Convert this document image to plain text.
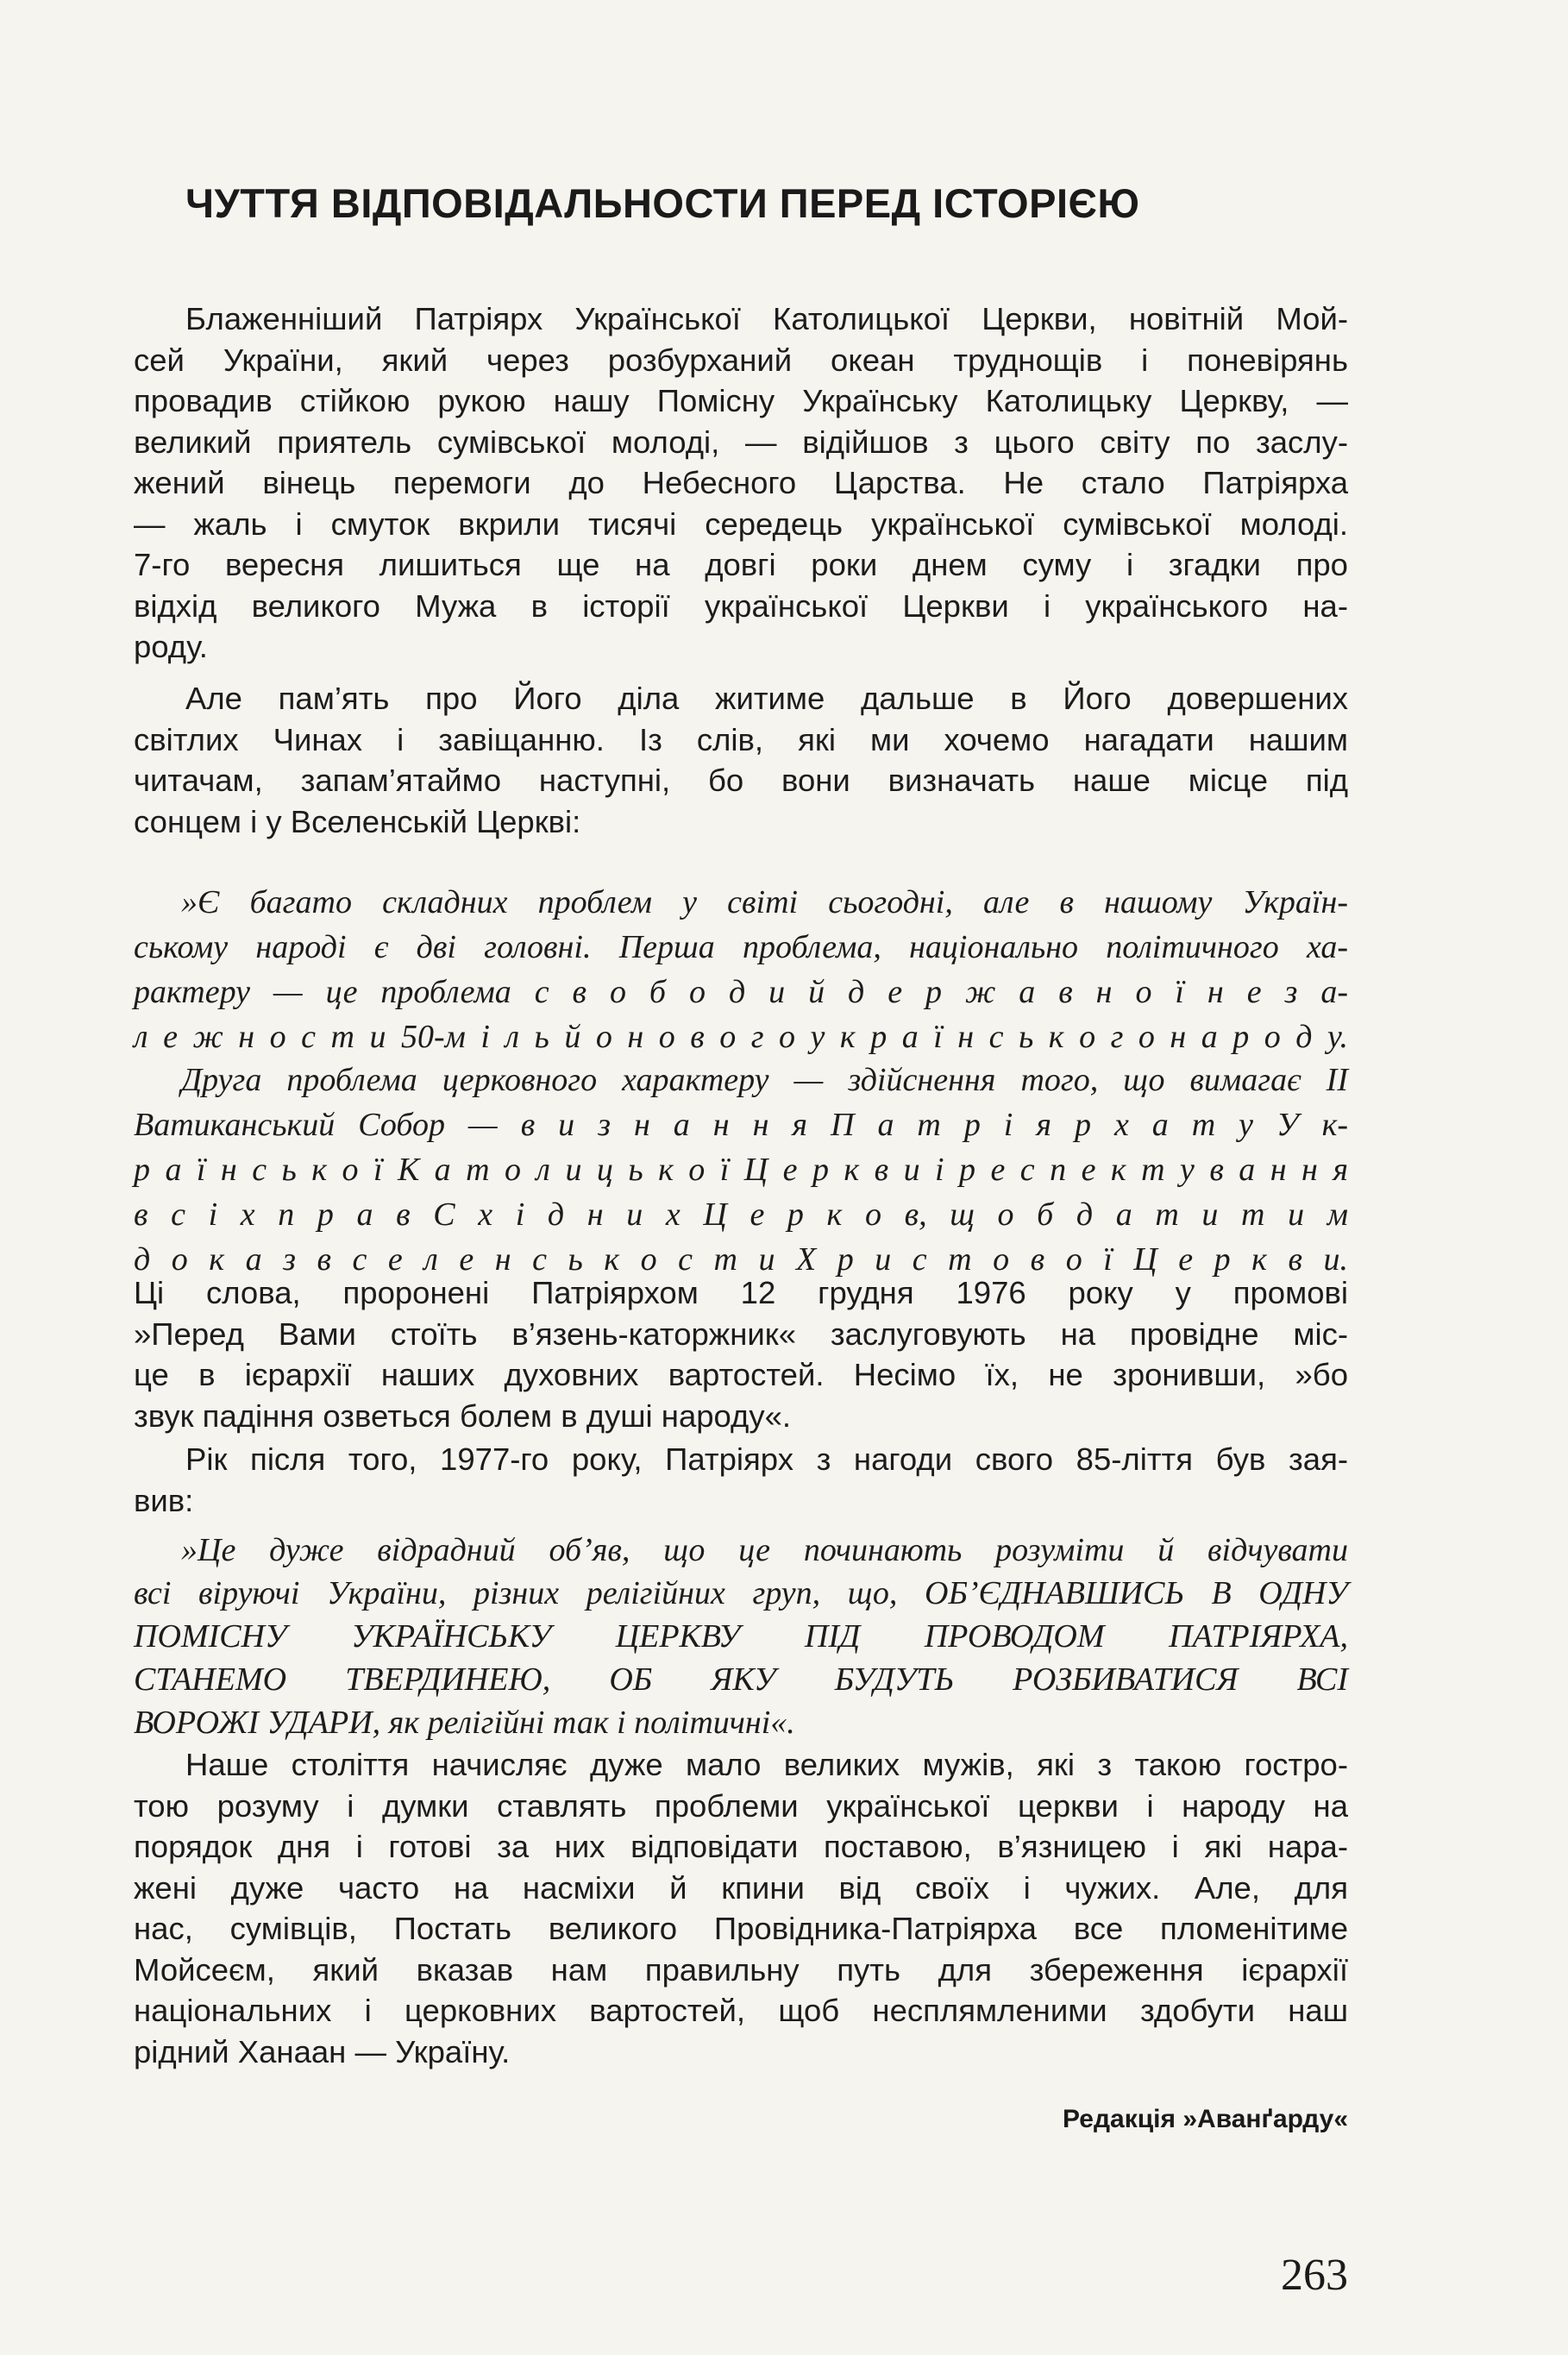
ЧУТТЯ ВІДПОВІДАЛЬНОСТИ ПЕРЕД ІСТОРІЄЮ
Блаженніший Патріярх Української Католицької Церкви, новітній Мой-
сей України, який через розбурханий океан труднощів і поневірянь
провадив стійкою рукою нашу Помісну Українську Католицьку Церкву, —
великий приятель сумівської молоді, — відійшов з цього світу по заслу-
жений вінець перемоги до Небесного Царства. Не стало Патріярха
— жаль і смуток вкрили тисячі середець української сумівської молоді.
7-го вересня лишиться ще на довгі роки днем суму і згадки про
відхід великого Мужа в історії української Церкви і українського на-
роду.
Але пам’ять про Його діла житиме дальше в Його довершених
світлих Чинах і завіщанню. Із слів, які ми хочемо нагадати нашим
читачам, запам’ятаймо наступні, бо вони визначать наше місце під
сонцем і у Вселенській Церкві:
»Є багато складних проблем у світі сьогодні, але в нашому Україн-
ському народі є дві головні. Перша проблема, національно політичного ха-
рактеру — це проблема с в о б о д и й д е р ж а в н о ї н е з а-
л е ж н о с т и 50-м і л ь й о н о в о г о у к р а ї н с ь к о г о н а р о д у.
Друга проблема церковного характеру — здійснення того, що вимагає II
Ватиканський Собор — в и з н а н н я П а т р і я р х а т у У к-
р а ї н с ь к о ї К а т о л и ц ь к о ї Ц е р к в и і р е с п е к т у в а н н я
в с і х п р а в С х і д н и х Ц е р к о в, щ о б д а т и т и м
д о к а з в с е л е н с ь к о с т и Х р и с т о в о ї Ц е р к в и.
Ці слова, проронені Патріярхом 12 грудня 1976 року у промові
»Перед Вами стоїть в’язень-каторжник« заслуговують на провідне міс-
це в ієрархії наших духовних вартостей. Несімо їх, не зронивши, »бо
звук падіння озветься болем в душі народу«.
Рік після того, 1977-го року, Патріярх з нагоди свого 85-ліття був зая-
вив:
»Це дуже відрадний об’яв, що це починають розуміти й відчувати
всі віруючі України, різних релігійних груп, що, ОБ’ЄДНАВШИСЬ В ОДНУ
ПОМІСНУ УКРАЇНСЬКУ ЦЕРКВУ ПІД ПРОВОДОМ ПАТРІЯРХА,
СТАНЕМО ТВЕРДИНЕЮ, ОБ ЯКУ БУДУТЬ РОЗБИВАТИСЯ ВСІ
ВОРОЖІ УДАРИ, як релігійні так і політичні«.
Наше століття начисляє дуже мало великих мужів, які з такою гостро-
тою розуму і думки ставлять проблеми української церкви і народу на
порядок дня і готові за них відповідати поставою, в’язницею і які нара-
жені дуже часто на насміхи й кпини від своїх і чужих. Але, для
нас, сумівців, Постать великого Провідника-Патріярха все пломенітиме
Мойсеєм, який вказав нам правильну путь для збереження ієрархії
національних і церковних вартостей, щоб несплямленими здобути наш
рідний Ханаан — Україну.
Редакція »Аванґарду«
263
